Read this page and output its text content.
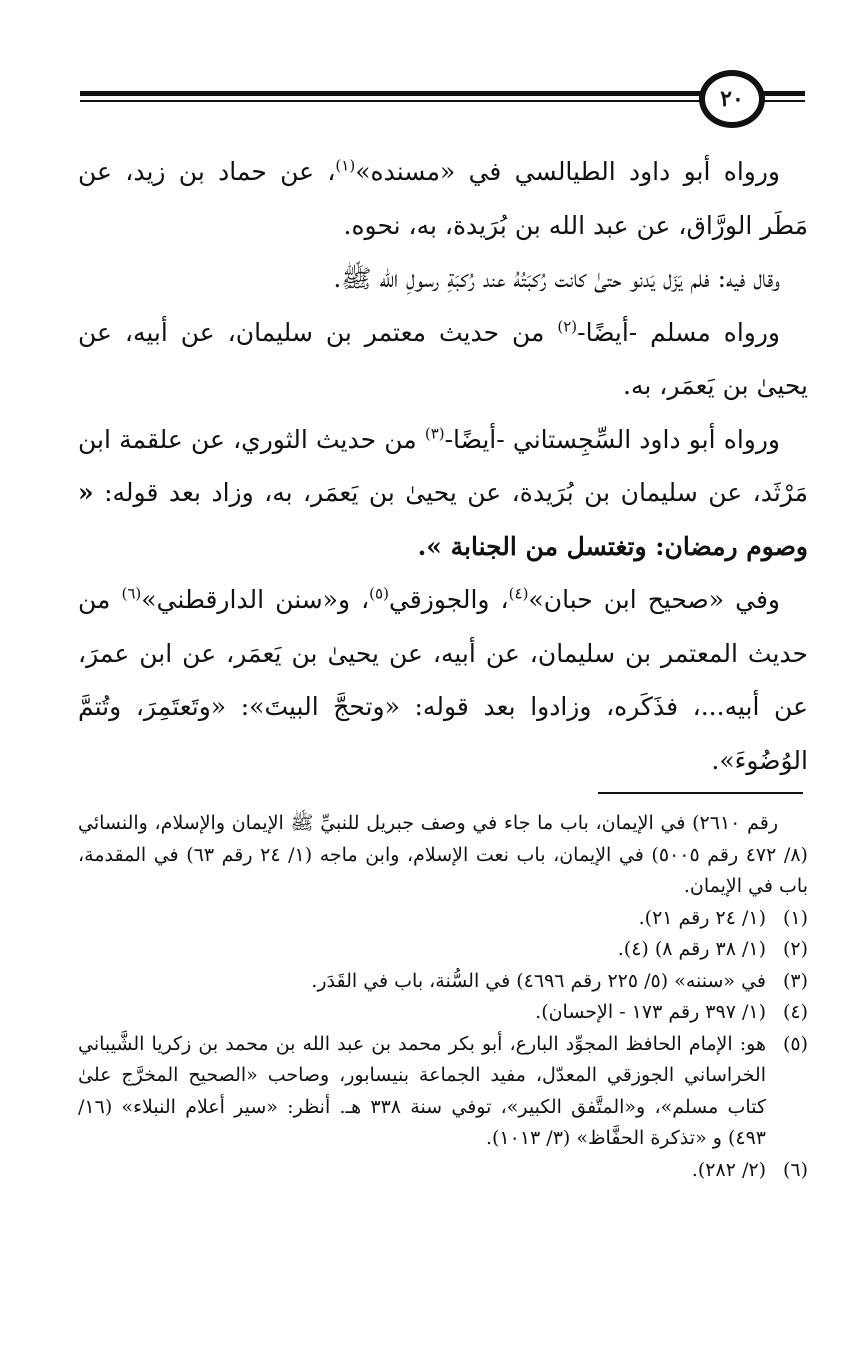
٢٠

ورواه أبو داود الطيالسي في «مسنده»$^{(١)}$، عن حماد بن زيد، عن مَطَر الورَّاق، عن عبد الله بن بُرَيدة، به، نحوه.

وقال فيه: فلم يَزَل يَدنو حتىٰ كانت رُكبَتُهُ عند رُكبَةِ رسولِ الله ﷺ.

ورواه مسلم -أيضًا-$^{(٢)}$ من حديث معتمر بن سليمان، عن أبيه، عن يحيىٰ بن يَعمَر، به.

ورواه أبو داود السِّجِستاني -أيضًا-$^{(٣)}$ من حديث الثوري، عن علقمة ابن مَرْثَد، عن سليمان بن بُرَيدة، عن يحيىٰ بن يَعمَر، به، وزاد بعد قوله: « وصوم رمضان: وتغتسل من الجنابة ».

وفي «صحيح ابن حبان»$^{(٤)}$، والجوزقي$^{(٥)}$، و«سنن الدارقطني»$^{(٦)}$ من حديث المعتمر بن سليمان، عن أبيه، عن يحيىٰ بن يَعمَر، عن ابن عمرَ، عن أبيه...، فذَكَره، وزادوا بعد قوله: «وتحجَّ البيتَ»: «وتَعتَمِرَ، وتُتمَّ الوُضُوءَ».

رقم ٢٦١٠) في الإيمان، باب ما جاء في وصف جبريل للنبيِّ ﷺ الإيمان والإسلام، والنسائي (٨/ ٤٧٢ رقم ٥٠٠٥) في الإيمان، باب نعت الإسلام، وابن ماجه (١/ ٢٤ رقم ٦٣) في المقدمة، باب في الإيمان.

(١)
(١/ ٢٤ رقم ٢١).
(٢)
(١/ ٣٨ رقم ٨) (٤).
(٣)
في «سننه» (٥/ ٢٢٥ رقم ٤٦٩٦) في السُّنة، باب في القَدَر.
(٤)
(١/ ٣٩٧ رقم ١٧٣ - الإحسان).
(٥)
هو: الإمام الحافظ المجوِّد البارع، أبو بكر محمد بن عبد الله بن محمد بن زكريا الشَّيباني الخراساني الجوزقي المعدّل، مفيد الجماعة بنيسابور، وصاحب «الصحيح المخرَّج علىٰ كتاب مسلم»، و«المتَّفق الكبير»، توفي سنة ٣٣٨ هـ. أنظر: «سير أعلام النبلاء» (١٦/ ٤٩٣) و «تذكرة الحفَّاظ» (٣/ ١٠١٣).
(٦)
(٢/ ٢٨٢).
